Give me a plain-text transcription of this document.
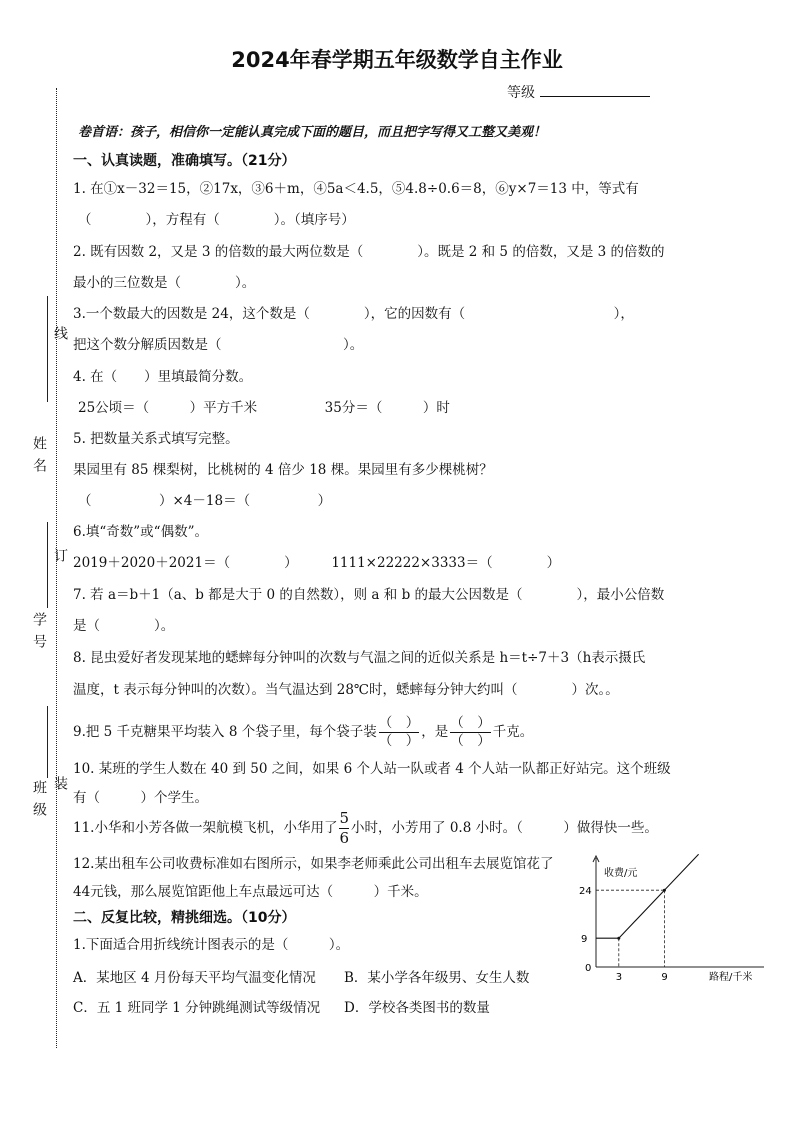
2024年春学期五年级数学自主作业
等级
线
姓名
订
学号
班级 装
卷首语：孩子，相信你一定能认真完成下面的题目，而且把字写得又工整又美观！
一、认真读题，准确填写。（21分）
1. 在①x－32＝15，②17x，③6＋m，④5a＜4.5，⑤4.8÷0.6＝8，⑥y×7＝13 中，等式有
（　　　　），方程有（　　　　）。（填序号）
2. 既有因数 2，又是 3 的倍数的最大两位数是（　　　　）。既是 2 和 5 的倍数，又是 3 的倍数的
最小的三位数是（　　　　）。
3.一个数最大的因数是 24，这个数是（　　　　），它的因数有（　　　　　　　　　　　），
把这个数分解质因数是（　　　　　　　　　）。
4. 在（　　）里填最简分数。
25公顷＝（　　　）平方千米　　　　　35分＝（　　　）时
5. 把数量关系式填写完整。
果园里有 85 棵梨树，比桃树的 4 倍少 18 棵。果园里有多少棵桃树？
（　　　　　）×4－18＝（　　　　　）
6.填“奇数”或“偶数”。
2019＋2020＋2021＝（　　　　）　　　1111×22222×3333＝（　　　　）
7. 若 a＝b＋1（a、b 都是大于 0 的自然数），则 a 和 b 的最大公因数是（　　　　），最小公倍数
是（　　　　）。
8. 昆虫爱好者发现某地的蟋蟀每分钟叫的次数与气温之间的近似关系是 h＝t÷7＋3（h表示摄氏
温度，t 表示每分钟叫的次数）。当气温达到 28℃时，蟋蟀每分钟大约叫（　　　　）次。。
9.把 5 千克糖果平均装入 8 个袋子里，每个袋子装 $\frac{( )}{( )}$ ，是 $\frac{( )}{( )}$ 千克。
10. 某班的学生人数在 40 到 50 之间，如果 6 个人站一队或者 4 个人站一队都正好站完。这个班级
有（　　　）个学生。
11.小华和小芳各做一架航模飞机，小华用了 $\frac{5}{6}$ 小时，小芳用了 0.8 小时。（　　　）做得快一些。
12.某出租车公司收费标准如右图所示，如果李老师乘此公司出租车去展览馆花了
44元钱，那么展览馆距他上车点最远可达（　　　）千米。
二、反复比较，精挑细选。（10分）
1.下面适合用折线统计图表示的是（　　　）。
A．某地区 4 月份每天平均气温变化情况 B．某小学各年级男、女生人数
C．五 1 班同学 1 分钟跳绳测试等级情况 D．学校各类图书的数量
收费/元
路程/千米
0
3	9
9
24
